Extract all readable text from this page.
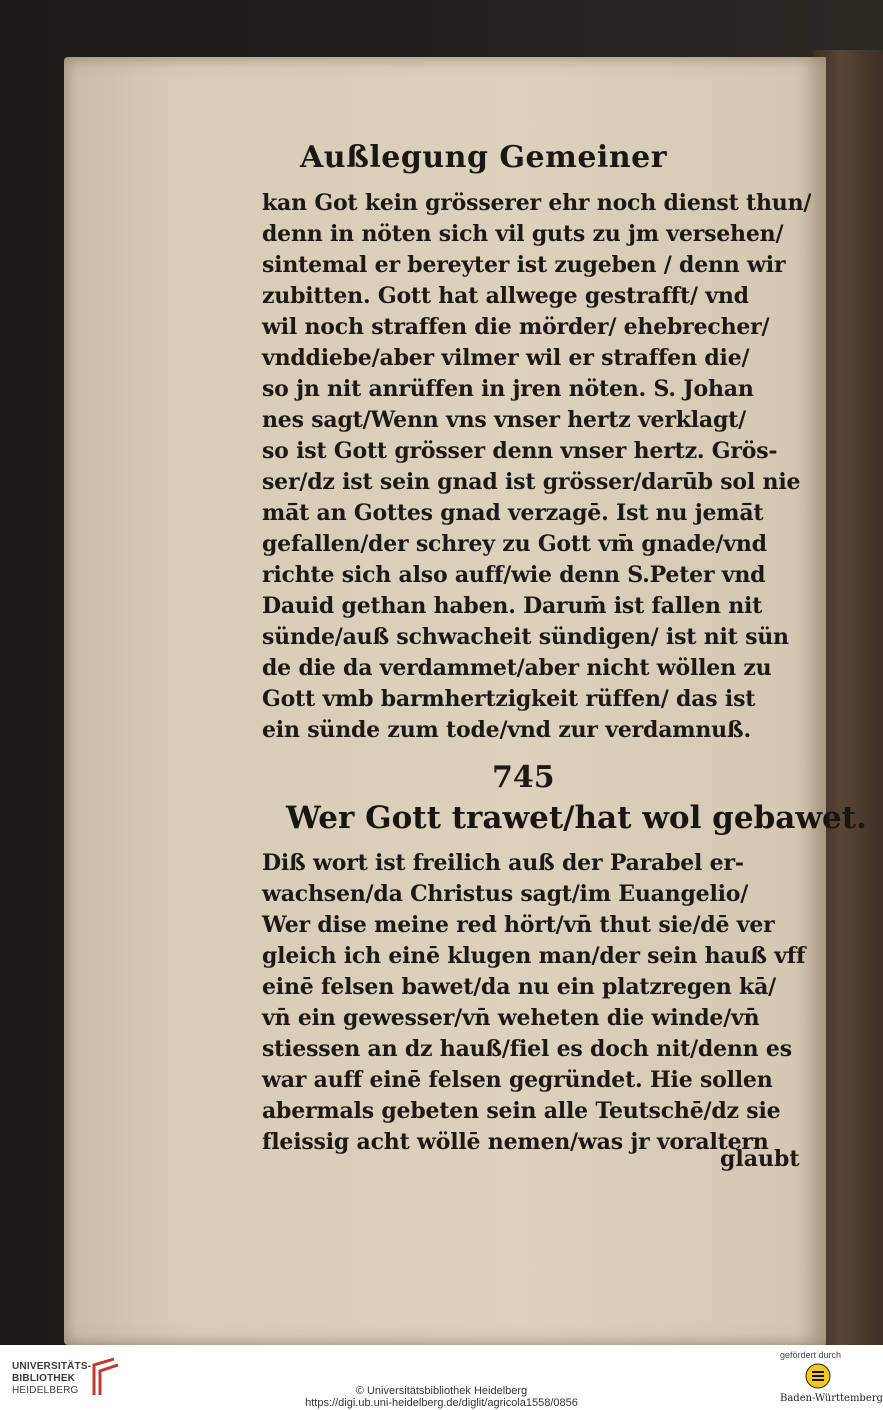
Außlegung Gemeiner
kan Got kein grösserer ehr noch dienst thun/
denn in nöten sich vil guts zu jm versehen/
sintemal er bereyter ist zugeben / denn wir
zubitten. Gott hat allwege gestrafft/ vnd
wil noch straffen die mörder/ ehebrecher/
vnddiebe/aber vilmer wil er straffen die/
so jn nit anrüffen in jren nöten. S. Johan
nes sagt/Wenn vns vnser hertz verklagt/
so ist Gott grösser denn vnser hertz. Grös-
ser/dz ist sein gnad ist grösser/darūb sol nie
mā̄t an Gottes gnad verzagē. Ist nu jemā̄t
gefallen/der schrey zu Gott vm̄ gnade/vnd
richte sich also auff/wie denn S.Peter vnd
Dauid gethan haben. Darum̄ ist fallen nit
sünde/auß schwacheit sündigen/ ist nit sün
de die da verdammet/aber nicht wöllen zu
Gott vmb barmhertzigkeit rüffen/ das ist
ein sünde zum tode/vnd zur verdamnuß.
745
Wer Gott trawet/hat wol gebawet.
Diß wort ist freilich auß der Parabel er-
wachsen/da Christus sagt/im Euangelio/
Wer dise meine red hört/vn̄ thut sie/dē ver
gleich ich einē klugen man/der sein hauß vff
einē felsen bawet/da nu ein platzregen kā/
vn̄ ein gewesser/vn̄ weheten die winde/vn̄
stiessen an dz hauß/fiel es doch nit/denn es
war auff einē felsen gegründet. Hie sollen
abermals gebeten sein alle Teutschē/dz sie
fleissig acht wöllē nemen/was jr voraltern
glaubt
UNIVERSITÄTS-
BIBLIOTHEK
HEIDELBERG	© Universitätsbibliothek Heidelberg
https://digi.ub.uni-heidelberg.de/diglit/agricola1558/0856
gefördert durch
Baden-Württemberg
